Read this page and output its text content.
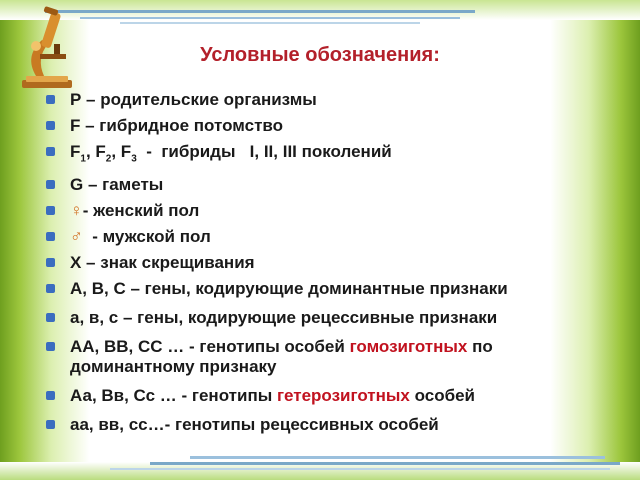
Условные обозначения:
Р – родительские организмы
F – гибридное потомство
$F_1$, $F_2$, $F_3$  -  гибриды   I, II, III поколений
G – гаметы
♀- женский пол
♂  - мужской пол
Х – знак скрещивания
А, В, С – гены, кодирующие доминантные признаки
а, в, с – гены, кодирующие рецессивные признаки
АА, ВВ, СС … - генотипы особей гомозиготных по доминантному признаку
Аа, Вв, Сс … - генотипы гетерозиготных особей
аа, вв, сс…- генотипы рецессивных особей
